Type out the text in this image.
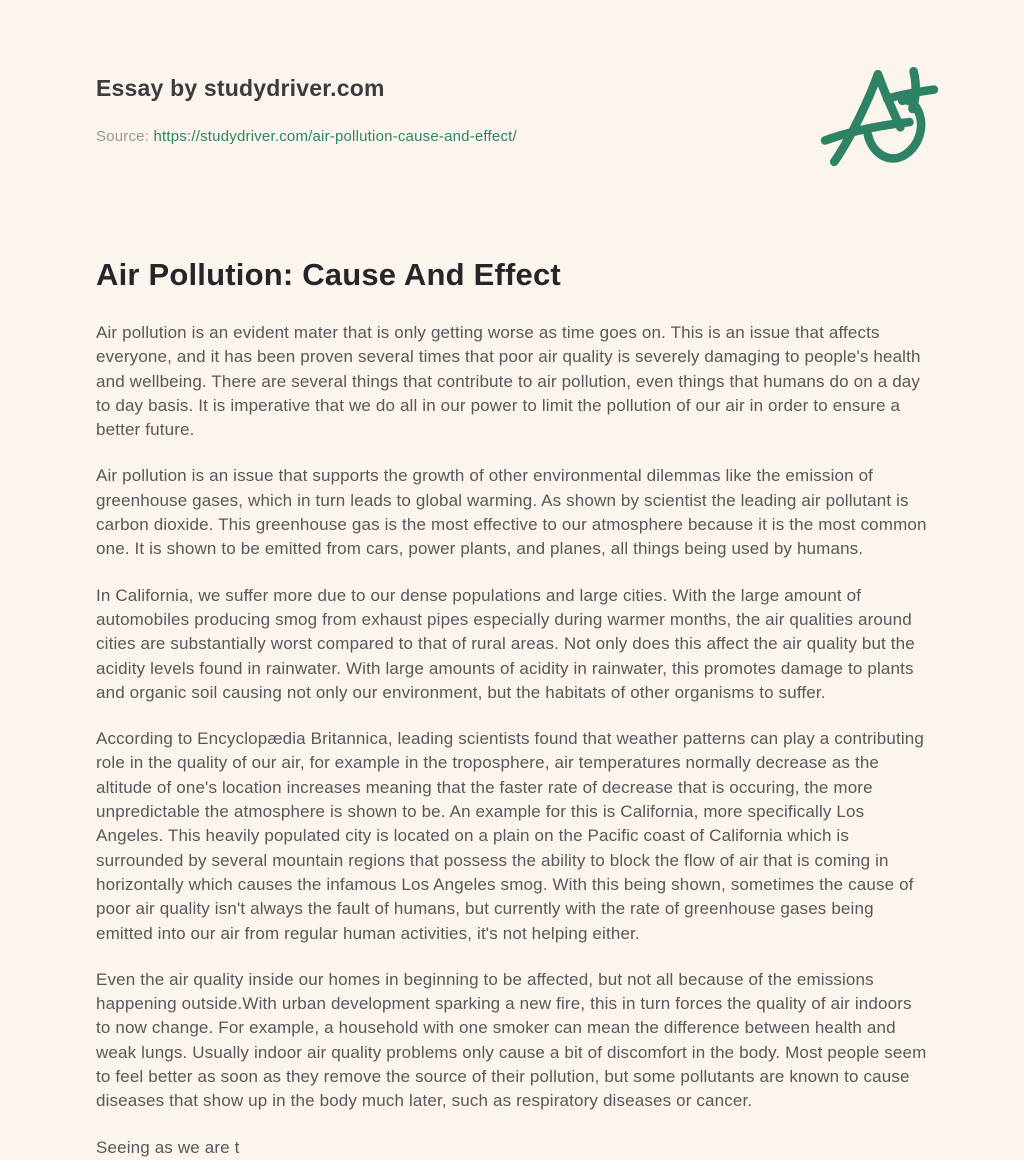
Essay by studydriver.com
Source: https://studydriver.com/air-pollution-cause-and-effect/
Air Pollution: Cause And Effect

Air pollution is an evident mater that is only getting worse as time goes on. This is an issue that affects everyone, and it has been proven several times that poor air quality is severely damaging to people's health and wellbeing. There are several things that contribute to air pollution, even things that humans do on a day to day basis. It is imperative that we do all in our power to limit the pollution of our air in order to ensure a better future.

Air pollution is an issue that supports the growth of other environmental dilemmas like the emission of greenhouse gases, which in turn leads to global warming. As shown by scientist the leading air pollutant is carbon dioxide. This greenhouse gas is the most effective to our atmosphere because it is the most common one. It is shown to be emitted from cars, power plants, and planes, all things being used by humans.

In California, we suffer more due to our dense populations and large cities. With the large amount of automobiles producing smog from exhaust pipes especially during warmer months, the air qualities around cities are substantially worst compared to that of rural areas. Not only does this affect the air quality but the acidity levels found in rainwater. With large amounts of acidity in rainwater, this promotes damage to plants and organic soil causing not only our environment, but the habitats of other organisms to suffer.

According to Encyclopædia Britannica, leading scientists found that weather patterns can play a contributing role in the quality of our air, for example in the troposphere, air temperatures normally decrease as the altitude of one's location increases meaning that the faster rate of decrease that is occuring, the more unpredictable the atmosphere is shown to be. An example for this is California, more specifically Los Angeles. This heavily populated city is located on a plain on the Pacific coast of California which is surrounded by several mountain regions that possess the ability to block the flow of air that is coming in horizontally which causes the infamous Los Angeles smog. With this being shown, sometimes the cause of poor air quality isn't always the fault of humans, but currently with the rate of greenhouse gases being emitted into our air from regular human activities, it's not helping either.

Even the air quality inside our homes in beginning to be affected, but not all because of the emissions happening outside.With urban development sparking a new fire, this in turn forces the quality of air indoors to now change. For example, a household with one smoker can mean the difference between health and weak lungs. Usually indoor air quality problems only cause a bit of discomfort in the body. Most people seem to feel better as soon as they remove the source of their pollution, but some pollutants are known to cause diseases that show up in the body much later, such as respiratory diseases or cancer.

Seeing as we are t
